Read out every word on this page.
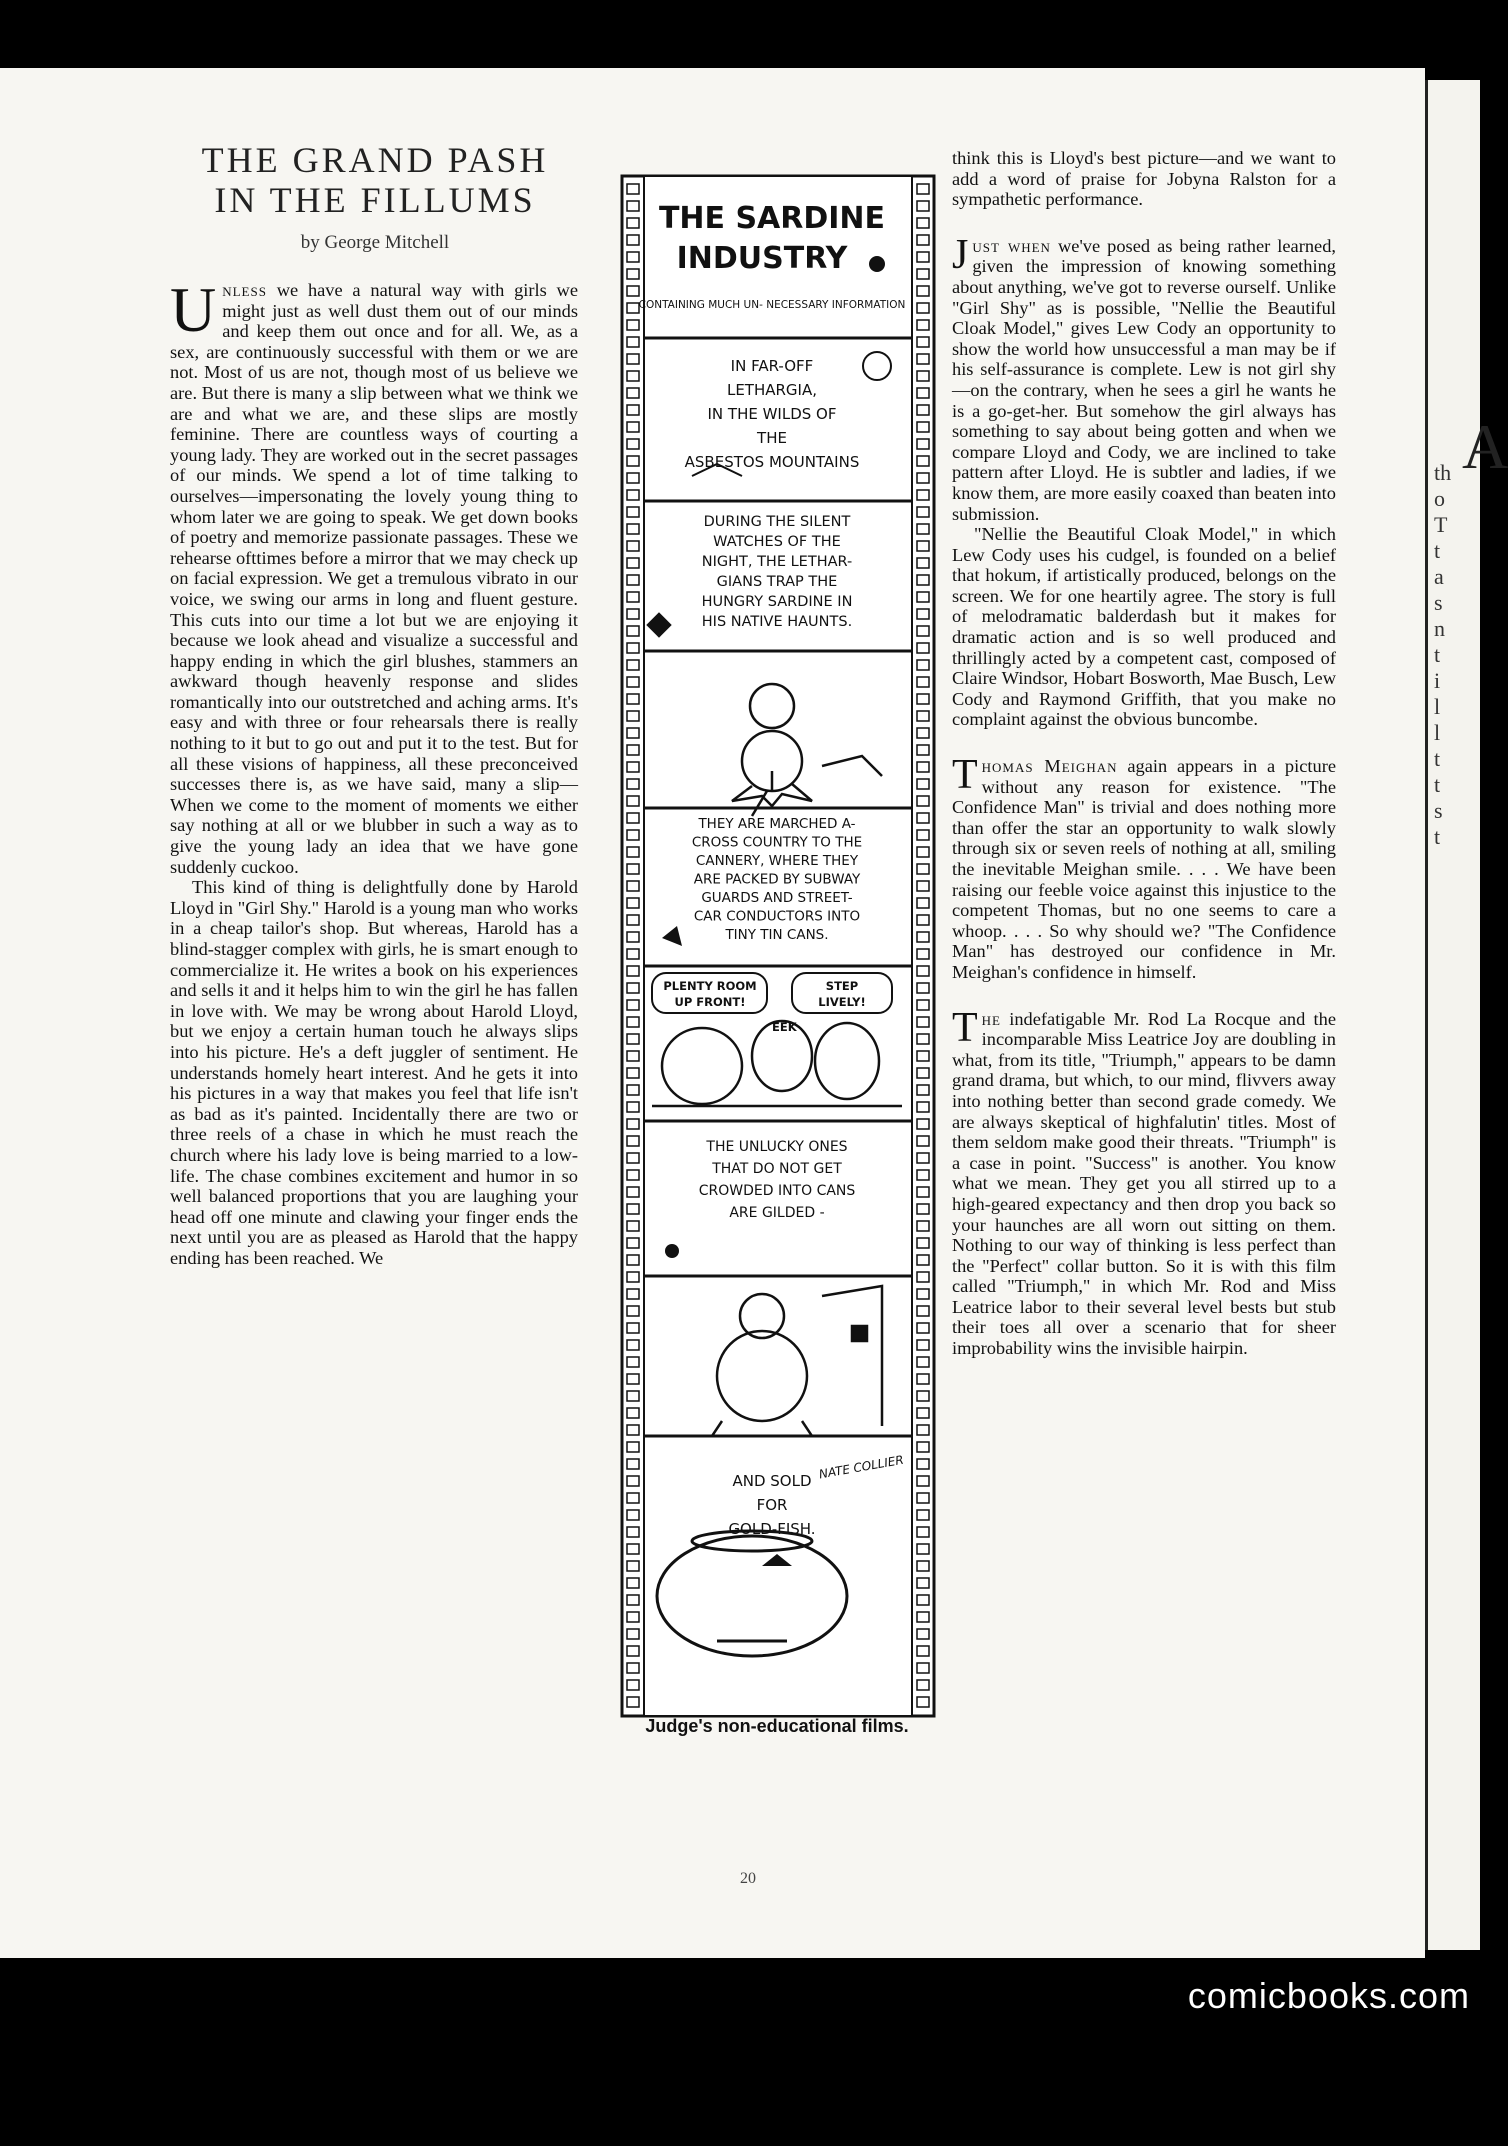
A
th
o
T
t
a
s
n
t
i
l
l
t
t
s
t
THE GRAND PASH
IN THE FILLUMS
by George Mitchell

Unless we have a natural way with girls we might just as well dust them out of our minds and keep them out once and for all. We, as a sex, are continuously successful with them or we are not. Most of us are not, though most of us believe we are. But there is many a slip between what we think we are and what we are, and these slips are mostly feminine. There are countless ways of courting a young lady. They are worked out in the secret passages of our minds. We spend a lot of time talking to ourselves—impersonating the lovely young thing to whom later we are going to speak. We get down books of poetry and memorize passionate passages. These we rehearse ofttimes before a mirror that we may check up on facial expression. We get a tremulous vibrato in our voice, we swing our arms in long and fluent gesture. This cuts into our time a lot but we are enjoying it because we look ahead and visualize a successful and happy ending in which the girl blushes, stammers an awkward though heavenly response and slides romantically into our outstretched and aching arms. It's easy and with three or four rehearsals there is really nothing to it but to go out and put it to the test. But for all these visions of happiness, all these preconceived successes there is, as we have said, many a slip—When we come to the moment of moments we either say nothing at all or we blubber in such a way as to give the young lady an idea that we have gone suddenly cuckoo.

This kind of thing is delightfully done by Harold Lloyd in "Girl Shy." Harold is a young man who works in a cheap tailor's shop. But whereas, Harold has a blind-stagger complex with girls, he is smart enough to commercialize it. He writes a book on his experiences and sells it and it helps him to win the girl he has fallen in love with. We may be wrong about Harold Lloyd, but we enjoy a certain human touch he always slips into his picture. He's a deft juggler of sentiment. He understands homely heart interest. And he gets it into his pictures in a way that makes you feel that life isn't as bad as it's painted. Incidentally there are two or three reels of a chase in which he must reach the church where his lady love is being married to a low-life. The chase combines excitement and humor in so well balanced proportions that you are laughing your head off one minute and clawing your finger ends the next until you are as pleased as Harold that the happy ending has been reached. We

THE SARDINE
INDUSTRY
CONTAINING MUCH UN- NECESSARY INFORMATION
IN FAR-OFF
LETHARGIA,
IN THE WILDS OF
THE
ASBESTOS MOUNTAINS
DURING THE SILENT
WATCHES OF THE
NIGHT, THE LETHAR-
GIANS TRAP THE
HUNGRY SARDINE IN
HIS NATIVE HAUNTS.
THEY ARE MARCHED A-
CROSS COUNTRY TO THE
CANNERY, WHERE THEY
ARE PACKED BY SUBWAY
GUARDS AND STREET-
CAR CONDUCTORS INTO
TINY TIN CANS.
PLENTY ROOM
UP FRONT!
STEP
LIVELY!
EEK
THE UNLUCKY ONES
THAT DO NOT GET
CROWDED INTO CANS
ARE GILDED -
AND SOLD
FOR
GOLD-FISH.
NATE COLLIER
Judge's non-educational films.

think this is Lloyd's best picture—and we want to add a word of praise for Jobyna Ralston for a sympathetic performance.

Just when we've posed as being rather learned, given the impression of knowing something about anything, we've got to reverse ourself. Unlike "Girl Shy" as is possible, "Nellie the Beautiful Cloak Model," gives Lew Cody an opportunity to show the world how unsuccessful a man may be if his self-assurance is complete. Lew is not girl shy—on the contrary, when he sees a girl he wants he is a go-get-her. But somehow the girl always has something to say about being gotten and when we compare Lloyd and Cody, we are inclined to take pattern after Lloyd. He is subtler and ladies, if we know them, are more easily coaxed than beaten into submission.

"Nellie the Beautiful Cloak Model," in which Lew Cody uses his cudgel, is founded on a belief that hokum, if artistically produced, belongs on the screen. We for one heartily agree. The story is full of melodramatic balderdash but it makes for dramatic action and is so well produced and thrillingly acted by a competent cast, composed of Claire Windsor, Hobart Bosworth, Mae Busch, Lew Cody and Raymond Griffith, that you make no complaint against the obvious buncombe.

Thomas Meighan again appears in a picture without any reason for existence. "The Confidence Man" is trivial and does nothing more than offer the star an opportunity to walk slowly through six or seven reels of nothing at all, smiling the inevitable Meighan smile. . . . We have been raising our feeble voice against this injustice to the competent Thomas, but no one seems to care a whoop. . . . So why should we? "The Confidence Man" has destroyed our confidence in Mr. Meighan's confidence in himself.

The indefatigable Mr. Rod La Rocque and the incomparable Miss Leatrice Joy are doubling in what, from its title, "Triumph," appears to be damn grand drama, but which, to our mind, flivvers away into nothing better than second grade comedy. We are always skeptical of highfalutin' titles. Most of them seldom make good their threats. "Triumph" is a case in point. "Success" is another. You know what we mean. They get you all stirred up to a high-geared expectancy and then drop you back so your haunches are all worn out sitting on them. Nothing to our way of thinking is less perfect than the "Perfect" collar button. So it is with this film called "Triumph," in which Mr. Rod and Miss Leatrice labor to their several level bests but stub their toes all over a scenario that for sheer improbability wins the invisible hairpin.

20
comicbooks.com
